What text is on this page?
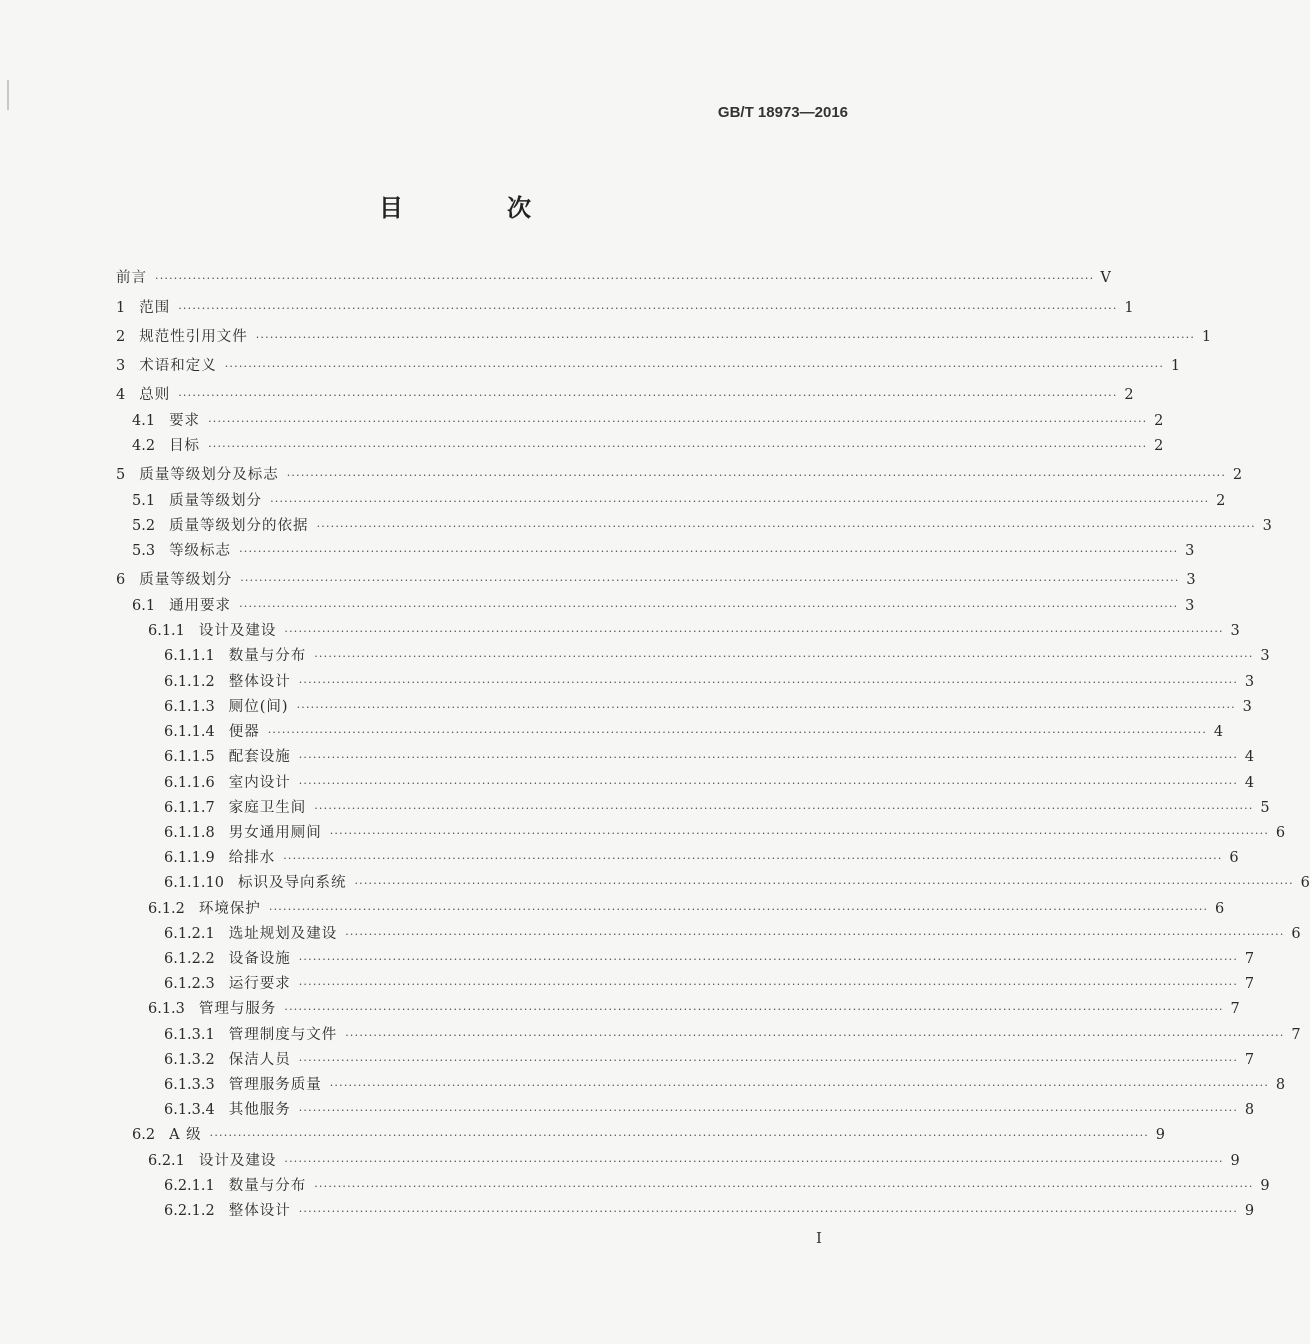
GB/T 18973—2016
目　次
前言 ········································································································································································································ V
1 范围 ········································································································································································································ 1
2 规范性引用文件 ········································································································································································································ 1
3 术语和定义 ········································································································································································································ 1
4 总则 ········································································································································································································ 2
4.1 要求 ········································································································································································································ 2
4.2 目标 ········································································································································································································ 2
5 质量等级划分及标志 ········································································································································································································ 2
5.1 质量等级划分 ········································································································································································································ 2
5.2 质量等级划分的依据 ········································································································································································································ 3
5.3 等级标志 ········································································································································································································ 3
6 质量等级划分 ········································································································································································································ 3
6.1 通用要求 ········································································································································································································ 3
6.1.1 设计及建设 ········································································································································································································ 3
6.1.1.1 数量与分布 ········································································································································································································ 3
6.1.1.2 整体设计 ········································································································································································································ 3
6.1.1.3 厕位(间) ········································································································································································································ 3
6.1.1.4 便器 ········································································································································································································ 4
6.1.1.5 配套设施 ········································································································································································································ 4
6.1.1.6 室内设计 ········································································································································································································ 4
6.1.1.7 家庭卫生间 ········································································································································································································ 5
6.1.1.8 男女通用厕间 ········································································································································································································ 6
6.1.1.9 给排水 ········································································································································································································ 6
6.1.1.10 标识及导向系统 ········································································································································································································ 6
6.1.2 环境保护 ········································································································································································································ 6
6.1.2.1 选址规划及建设 ········································································································································································································ 6
6.1.2.2 设备设施 ········································································································································································································ 7
6.1.2.3 运行要求 ········································································································································································································ 7
6.1.3 管理与服务 ········································································································································································································ 7
6.1.3.1 管理制度与文件 ········································································································································································································ 7
6.1.3.2 保洁人员 ········································································································································································································ 7
6.1.3.3 管理服务质量 ········································································································································································································ 8
6.1.3.4 其他服务 ········································································································································································································ 8
6.2 A 级 ········································································································································································································ 9
6.2.1 设计及建设 ········································································································································································································ 9
6.2.1.1 数量与分布 ········································································································································································································ 9
6.2.1.2 整体设计 ········································································································································································································ 9
I
